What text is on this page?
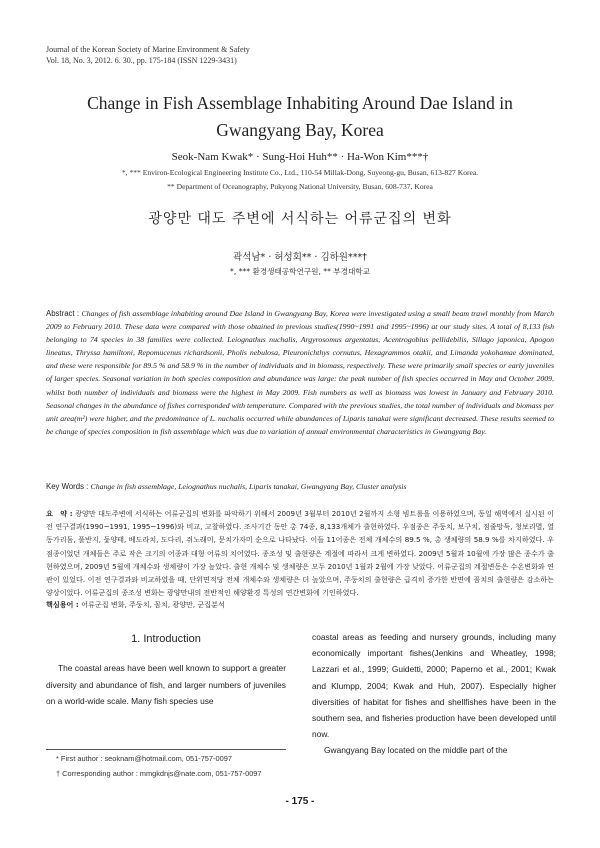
Journal of the Korean Society of Marine Environment & Safety
Vol. 18, No. 3, 2012. 6. 30., pp. 175-184 (ISSN 1229-3431)
Change in Fish Assemblage Inhabiting Around Dae Island in
Gwangyang Bay, Korea
Seok-Nam Kwak* · Sung-Hoi Huh** · Ha-Won Kim***†
*, *** Environ-Ecological Engineering Institute Co., Ltd., 110-54 Millak-Dong, Suyeong-gu, Busan, 613-827 Korea.
** Department of Oceanography, Pukyong National University, Busan, 608-737, Korea
광양만 대도 주변에 서식하는 어류군집의 변화
곽석남* · 허성회** · 김하원***†
*, *** 환경생태공학연구원, ** 부경대학교
Abstract : Changes of fish assemblage inhabiting around Dae Island in Gwangyang Bay, Korea were investigated using a small beam trawl monthly from March 2009 to February 2010. These data were compared with those obtained in previous studies(1990~1991 and 1995~1996) at our study sites. A total of 8,133 fish belonging to 74 species in 38 families were collected. Leiognathus nuchalis, Argyrosomus argentatus, Acentrogobius pellidebilis, Sillago japonica, Apogon lineatus, Thryssa hamiltoni, Repomucenus richardsonii, Pholis nebulosa, Pleuronichthys cornutus, Hexagrammos otakii, and Limanda yokohamae dominated, and these were responsible for 89.5 % and 58.9 % in the number of individuals and in biomass, respectively. These were primarily small species or early juveniles of larger species. Seasonal variation in both species composition and abundance was large: the peak number of fish species occurred in May and October 2009, whilst both number of individuals and biomass were the highest in May 2009. Fish numbers as well as biomass was lowest in January and February 2010. Seasonal changes in the abundance of fishes corresponded with temperature. Compared with the previous studies, the total number of individuals and biomass per unit area(m²) were higher, and the predominance of L. nuchalis occurred while abundances of Liparis tanakai were significant decreased. These results seemed to be change of species composition in fish assemblage which was due to variation of annual environmental characteristics in Gwangyang Bay.
Key Words : Change in fish assemblage, Leiognathus nuchalis, Liparis tanakai, Gwangyang Bay, Cluster analysis
요　약 : 광양만 대도주변에 서식하는 어류군집의 변화를 파악하기 위해서 2009년 3월부터 2010년 2월까지 소형 빔트롤을 이용하였으며, 동일 해역에서 실시된 이전 연구결과(1990~1991, 1995~1996)와 비교, 고찰하였다. 조사기간 동안 총 74종, 8,133개체가 출현하였다. 우점종은 주둥치, 보구치, 점줄망둑, 청보리멸, 열동가리돔, 풀반지, 돛양태, 베도라치, 도다리, 쥐노래미, 문치가자미 순으로 나타났다. 이들 11어종은 전체 개체수의 89.5 %, 총 생체량의 58.9 %를 차지하였다. 우점종이었던 개체들은 주로 작은 크기의 어종과 대형 어류의 치어였다. 종조성 및 출현량은 계절에 따라서 크게 변하였다. 2009년 5월과 10월에 가장 많은 종수가 출현하였으며, 2009년 5월에 개체수와 생체량이 가장 높았다. 출현 개체수 및 생체량은 모두 2010년 1월과 2월에 가장 낮았다. 어류군집의 계절변동은 수온변화와 연관이 있었다. 이전 연구결과와 비교하였을 때, 단위면적당 전체 개체수와 생체량은 더 높았으며, 주둥치의 출현량은 급격히 증가한 반면에 꼼치의 출현량은 감소하는 양상이었다. 어류군집의 종조성 변화는 광양만내의 전반적인 해양환경 특성의 연간변화에 기인하였다.
핵심용어 : 어류군집 변화, 주둥치, 꼼치, 광양만, 군집분석
1. Introduction
The coastal areas have been well known to support a greater diversity and abundance of fish, and larger numbers of juveniles on a world-wide scale. Many fish species use

coastal areas as feeding and nursery grounds, including many economically important fishes(Jenkins and Wheatley, 1998; Lazzari et al., 1999; Guidetti, 2000; Paperno et al., 2001; Kwak and Klumpp, 2004; Kwak and Huh, 2007). Especially higher diversities of habitat for fishes and shellfishes have been in the southern sea, and fisheries production have been developed until now.

Gwangyang Bay located on the middle part of the

* First author : seoknam@hotmail.com, 051-757-0097
† Corresponding author : mmgkdnjs@nate.com, 051-757-0097
- 175 -
